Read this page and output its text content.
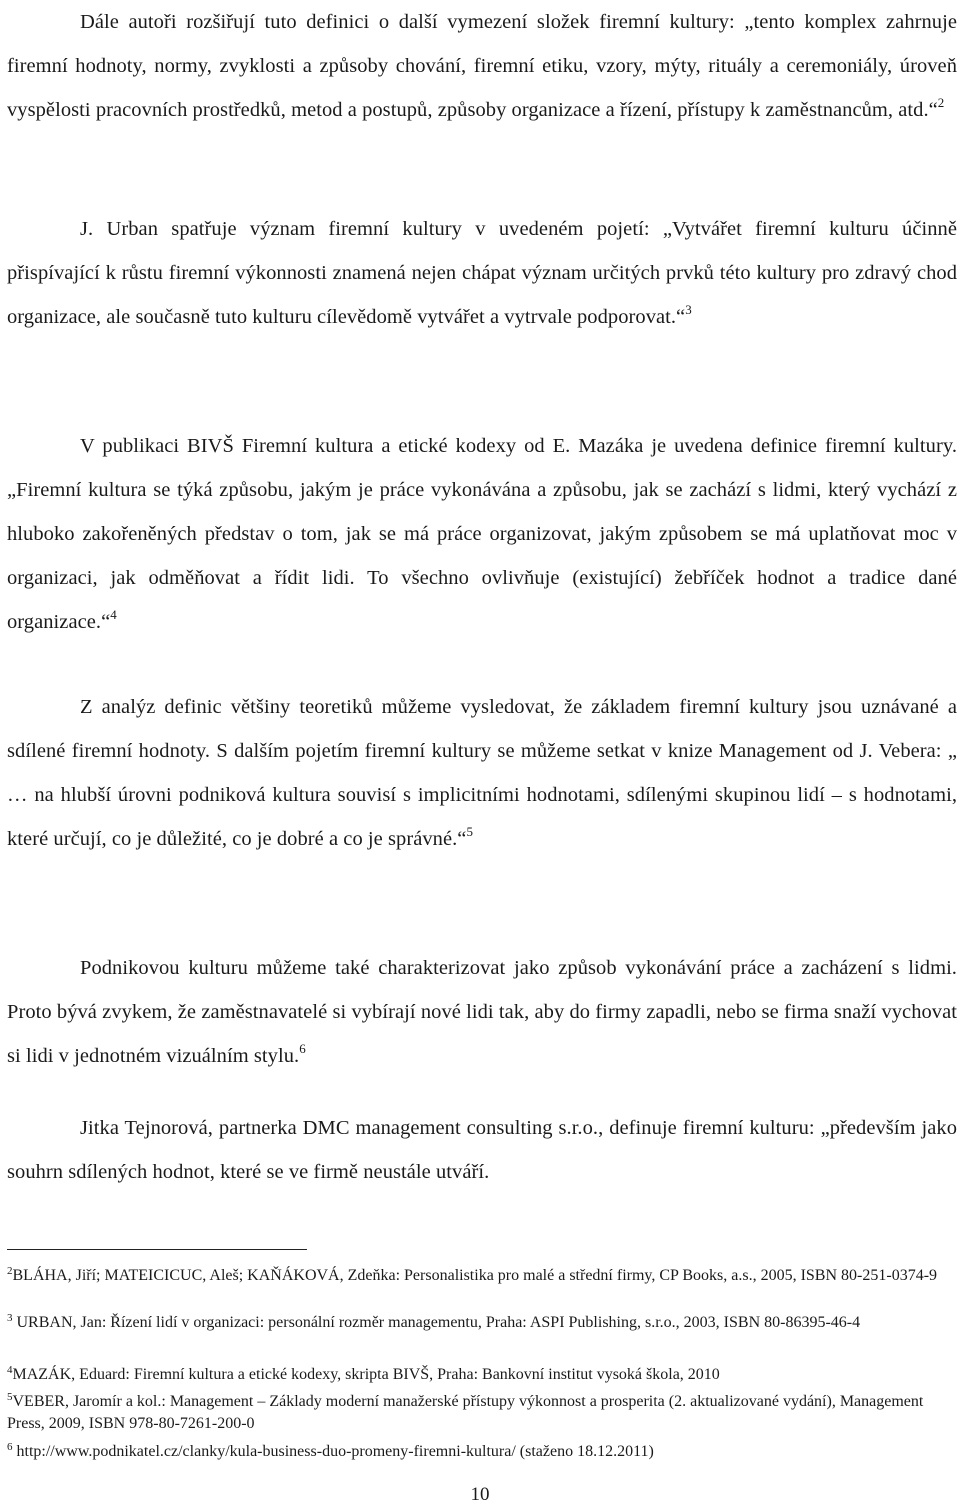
Dále autoři rozšiřují tuto definici o další vymezení složek firemní kultury: „tento komplex zahrnuje firemní hodnoty, normy, zvyklosti a způsoby chování, firemní etiku, vzory, mýty, rituály a ceremoniály, úroveň vyspělosti pracovních prostředků, metod a postupů, způsoby organizace a řízení, přístupy k zaměstnancům, atd.“$^2$

J. Urban spatřuje význam firemní kultury v uvedeném pojetí: „Vytvářet firemní kulturu účinně přispívající k růstu firemní výkonnosti znamená nejen chápat význam určitých prvků této kultury pro zdravý chod organizace, ale současně tuto kulturu cílevědomě vytvářet a vytrvale podporovat.“$^3$

V publikaci BIVŠ Firemní kultura a etické kodexy od E. Mazáka je uvedena definice firemní kultury. „Firemní kultura se týká způsobu, jakým je práce vykonávána a způsobu, jak se zachází s lidmi, který vychází z hluboko zakořeněných představ o tom, jak se má práce organizovat, jakým způsobem se má uplatňovat moc v organizaci, jak odměňovat a řídit lidi. To všechno ovlivňuje (existující) žebříček hodnot a tradice dané organizace.“$^4$

Z analýz definic většiny teoretiků můžeme vysledovat, že základem firemní kultury jsou uznávané a sdílené firemní hodnoty. S dalším pojetím firemní kultury se můžeme setkat v knize Management od J. Vebera: „ … na hlubší úrovni podniková kultura souvisí s implicitními hodnotami, sdílenými skupinou lidí – s hodnotami, které určují, co je důležité, co je dobré a co je správné.“$^5$

Podnikovou kulturu můžeme také charakterizovat jako způsob vykonávání práce a zacházení s lidmi. Proto bývá zvykem, že zaměstnavatelé si vybírají nové lidi tak, aby do firmy zapadli, nebo se firma snaží vychovat si lidi v jednotném vizuálním stylu.$^6$

Jitka Tejnorová, partnerka DMC management consulting s.r.o., definuje firemní kulturu: „především jako souhrn sdílených hodnot, které se ve firmě neustále utváří.

$^2$BLÁHA, Jiří; MATEICICUC, Aleš; KAŇÁKOVÁ, Zdeňka: Personalistika pro malé a střední firmy, CP Books, a.s., 2005, ISBN 80-251-0374-9

$^3$ URBAN, Jan: Řízení lidí v organizaci: personální rozměr managementu, Praha: ASPI Publishing, s.r.o., 2003, ISBN 80-86395-46-4

$^4$MAZÁK, Eduard: Firemní kultura a etické kodexy, skripta BIVŠ, Praha: Bankovní institut vysoká škola, 2010

$^5$VEBER, Jaromír a kol.: Management – Základy moderní manažerské přístupy výkonnost a prosperita (2. aktualizované vydání), Management Press, 2009, ISBN 978-80-7261-200-0

$^6$ http://www.podnikatel.cz/clanky/kula-business-duo-promeny-firemni-kultura/ (staženo 18.12.2011)

10
